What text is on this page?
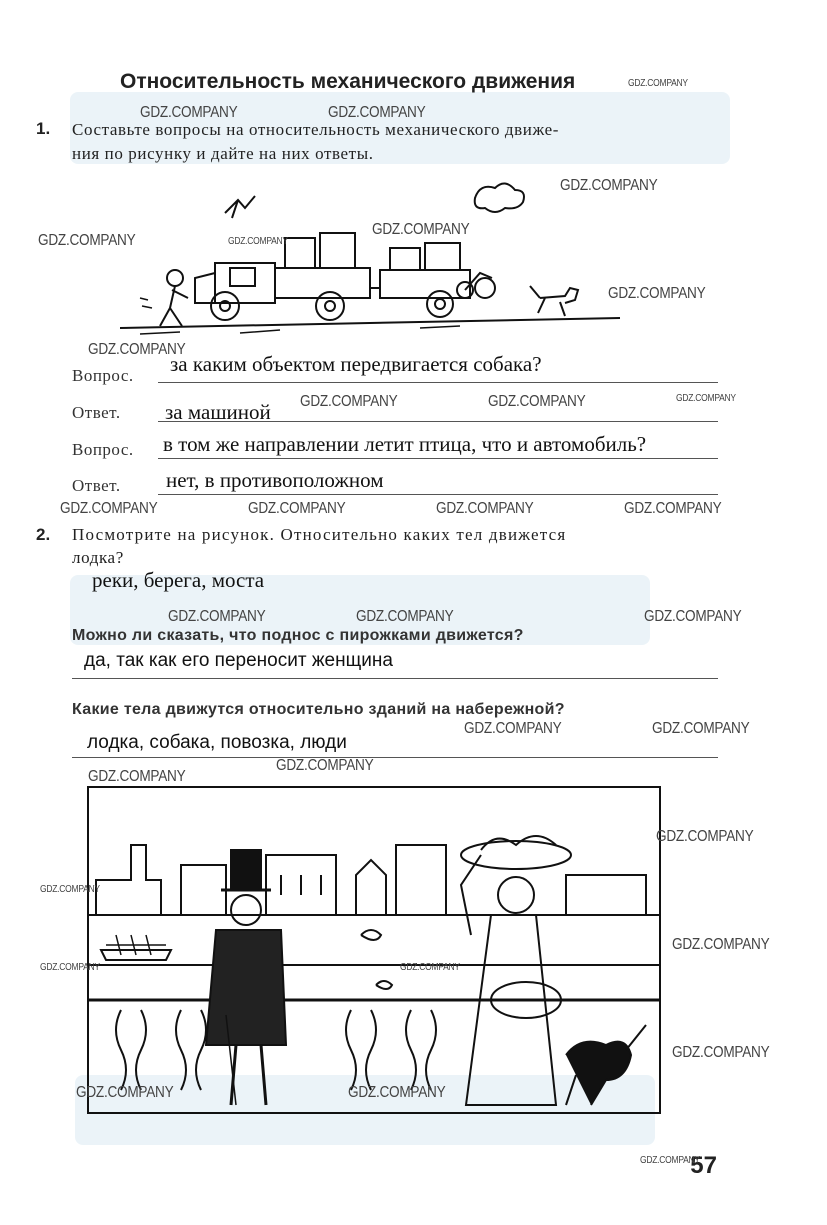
Относительность механического движения
1. Составьте вопросы на относительность механического движе-
ния по рисунку и дайте на них ответы.
Вопрос. за каким объектом передвигается собака?
Ответ. за машиной
Вопрос. в том же направлении летит птица, что и автомобиль?
Ответ. нет, в противоположном
2. Посмотрите на рисунок. Относительно каких тел движется
лодка?
реки, берега, моста
Можно ли сказать, что поднос с пирожками движется?
да, так как его переносит женщина
Какие тела движутся относительно зданий на набережной?
лодка, собака, повозка, люди
57
GDZ.COMPANY
GDZ.COMPANY	GDZ.COMPANY
GDZ.COMPANY
GDZ.COMPANY
GDZ.COMPANY	GDZ.COMPANY
GDZ.COMPANY
GDZ.COMPANY
GDZ.COMPANY	GDZ.COMPANY	GDZ.COMPANY
GDZ.COMPANY	GDZ.COMPANY	GDZ.COMPANY	GDZ.COMPANY
GDZ.COMPANY	GDZ.COMPANY	GDZ.COMPANY
GDZ.COMPANY	GDZ.COMPANY
GDZ.COMPANY
GDZ.COMPANY
GDZ.COMPANY
GDZ.COMPANY
GDZ.COMPANY
GDZ.COMPANY	GDZ.COMPANY
GDZ.COMPANY
GDZ.COMPANY	GDZ.COMPANY
GDZ.COMPANY
